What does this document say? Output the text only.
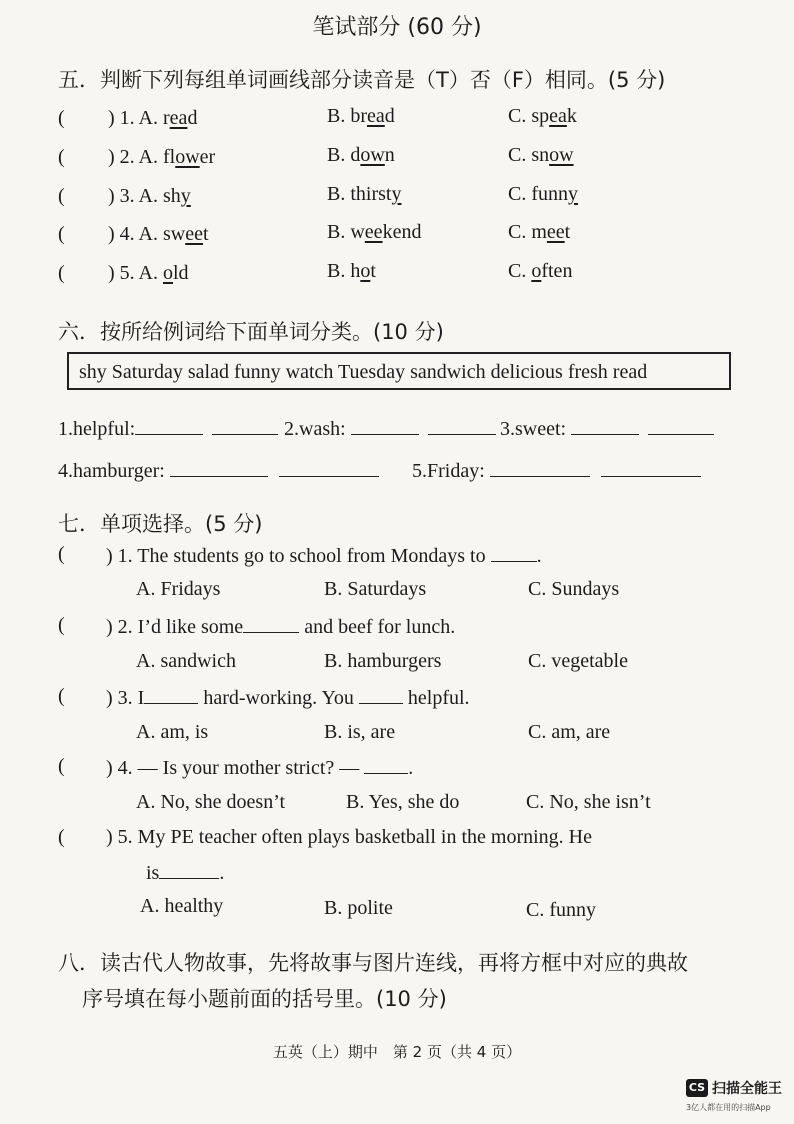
笔试部分 (60 分)
五．判断下列每组单词画线部分读音是（T）否（F）相同。(5 分)
( ) 1. A. read	B. bread	C. speak
( ) 2. A. flower	B. down	C. snow
( ) 3. A. shy	B. thirsty	C. funny
( ) 4. A. sweet	B. weekend	C. meet
( ) 5. A. old	B. hot	C. often
六．按所给例词给下面单词分类。(10 分)
shy Saturday salad funny watch Tuesday sandwich delicious fresh read
1.helpful:	2.wash:	3.sweet:
4.hamburger:	5.Friday:
七．单项选择。(5 分)
( ) 1. The students go to school from Mondays to	.
A. Fridays	B. Saturdays	C. Sundays
( ) 2. I’d like some	and beef for lunch.
A. sandwich	B. hamburgers	C. vegetable
( ) 3. I	hard-working. You	helpful.
A. am, is	B. is, are	C. am, are
( ) 4. — Is your mother strict? — .
A. No, she doesn’t	B. Yes, she do	C. No, she isn’t
( ) 5. My PE teacher often plays basketball in the morning. He
is	.
A. healthy	B. polite	C. funny
八．读古代人物故事，先将故事与图片连线，再将方框中对应的典故
序号填在每小题前面的括号里。(10 分)
五英（上）期中　第 2 页（共 4 页）
CS 扫描全能王
3亿人都在用的扫描App
